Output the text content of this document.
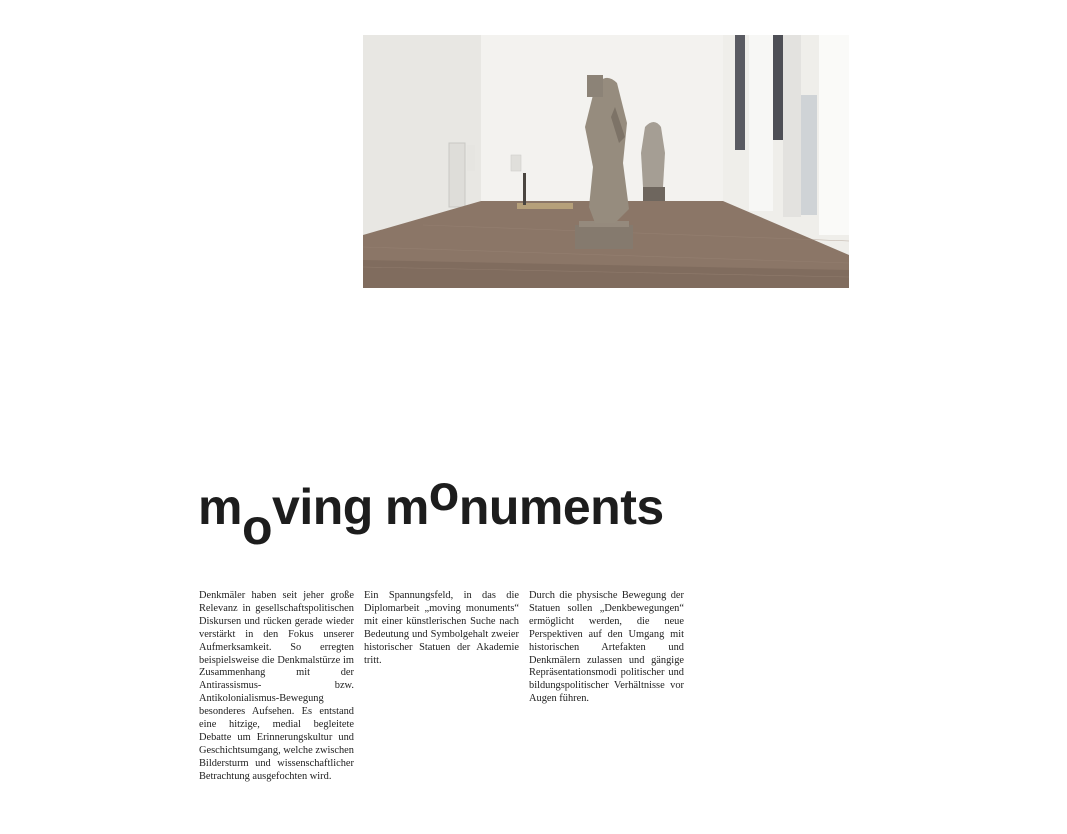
moving monuments

Denkmäler haben seit jeher große Relevanz in gesellschaftspolitischen Diskursen und rücken gerade wieder verstärkt in den Fokus unserer Aufmerksamkeit. So erregten beispielsweise die Denkmalstürze im Zusammenhang mit der Antirassismus- bzw. Antikolonialismus-Bewegung besonderes Aufsehen. Es entstand eine hitzige, medial begleitete Debatte um Erinnerungskultur und Geschichtsumgang, welche zwischen Bildersturm und wissenschaftlicher Betrachtung ausgefochten wird.

Ein Spannungsfeld, in das die Diplomarbeit „moving monuments“ mit einer künstlerischen Suche nach Bedeutung und Symbolgehalt zweier historischer Statuen der Akademie tritt.

Durch die physische Bewegung der Statuen sollen „Denkbewegungen“ ermöglicht werden, die neue Perspektiven auf den Umgang mit historischen Artefakten und Denkmälern zulassen und gängige Repräsentationsmodi politischer und bildungspolitischer Verhältnisse vor Augen führen.
